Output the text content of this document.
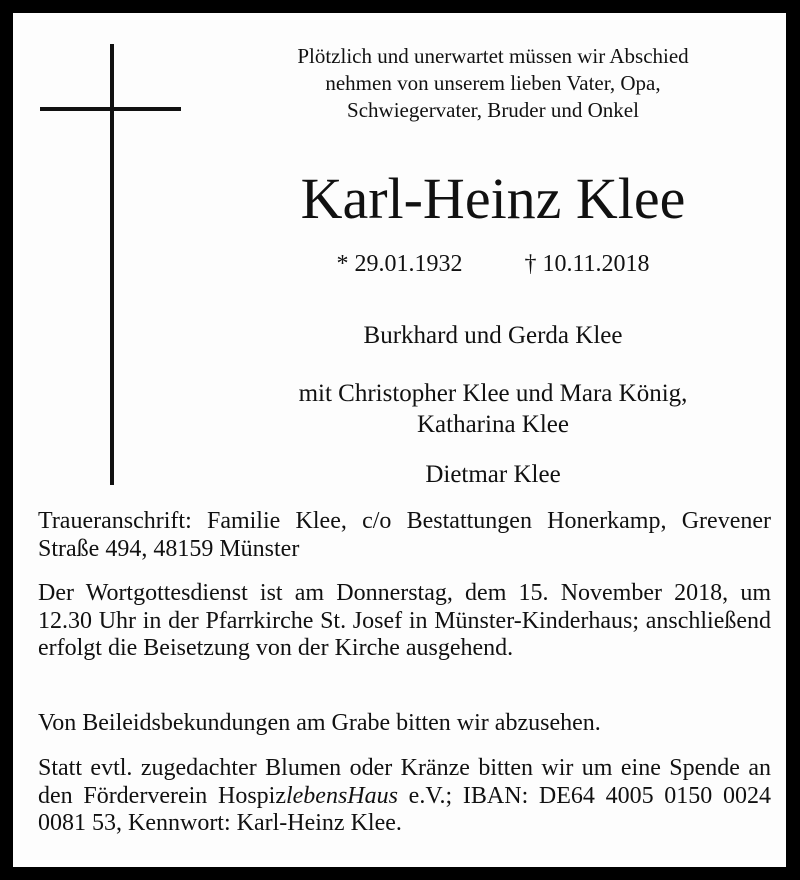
Plötzlich und unerwartet müssen wir Abschied
nehmen von unserem lieben Vater, Opa,
Schwiegervater, Bruder und Onkel
Karl-Heinz Klee
* 29.01.1932	† 10.11.2018
Burkhard und Gerda Klee
mit Christopher Klee und Mara König,
Katharina Klee
Dietmar Klee
Traueranschrift: Familie Klee, c/o Bestattungen Honerkamp, Grevener Straße 494, 48159 Münster
Der Wortgottesdienst ist am Donnerstag, dem 15. November 2018, um 12.30 Uhr in der Pfarrkirche St. Josef in Münster-Kinderhaus; anschließend erfolgt die Beisetzung von der Kirche ausgehend.
Von Beileidsbekundungen am Grabe bitten wir abzusehen.
Statt evtl. zugedachter Blumen oder Kränze bitten wir um eine Spende an den Förderverein HospizlebensHaus e.V.; IBAN: DE64 4005 0150 0024 0081 53, Kennwort: Karl-Heinz Klee.
